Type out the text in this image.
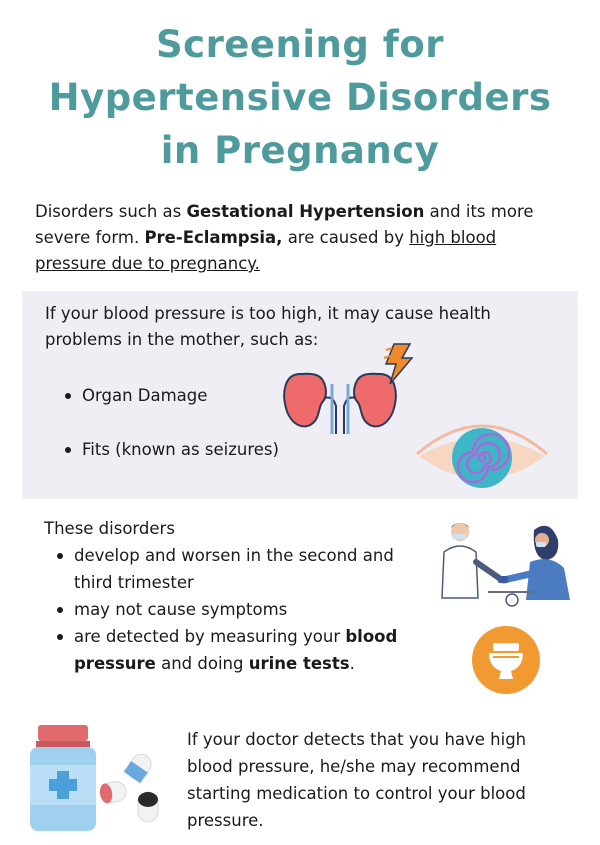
Screening for
Hypertensive Disorders
in Pregnancy

Disorders such as Gestational Hypertension and its more severe form. Pre-Eclampsia, are caused by high blood pressure due to pregnancy.

If your blood pressure is too high, it may cause health problems in the mother, such as:
Organ Damage
Fits (known as seizures)
These disorders
develop and worsen in the second and third trimester
may not cause symptoms
are detected by measuring your blood pressure and doing urine tests.

If your doctor detects that you have high blood pressure, he/she may recommend starting medication to control your blood pressure.
